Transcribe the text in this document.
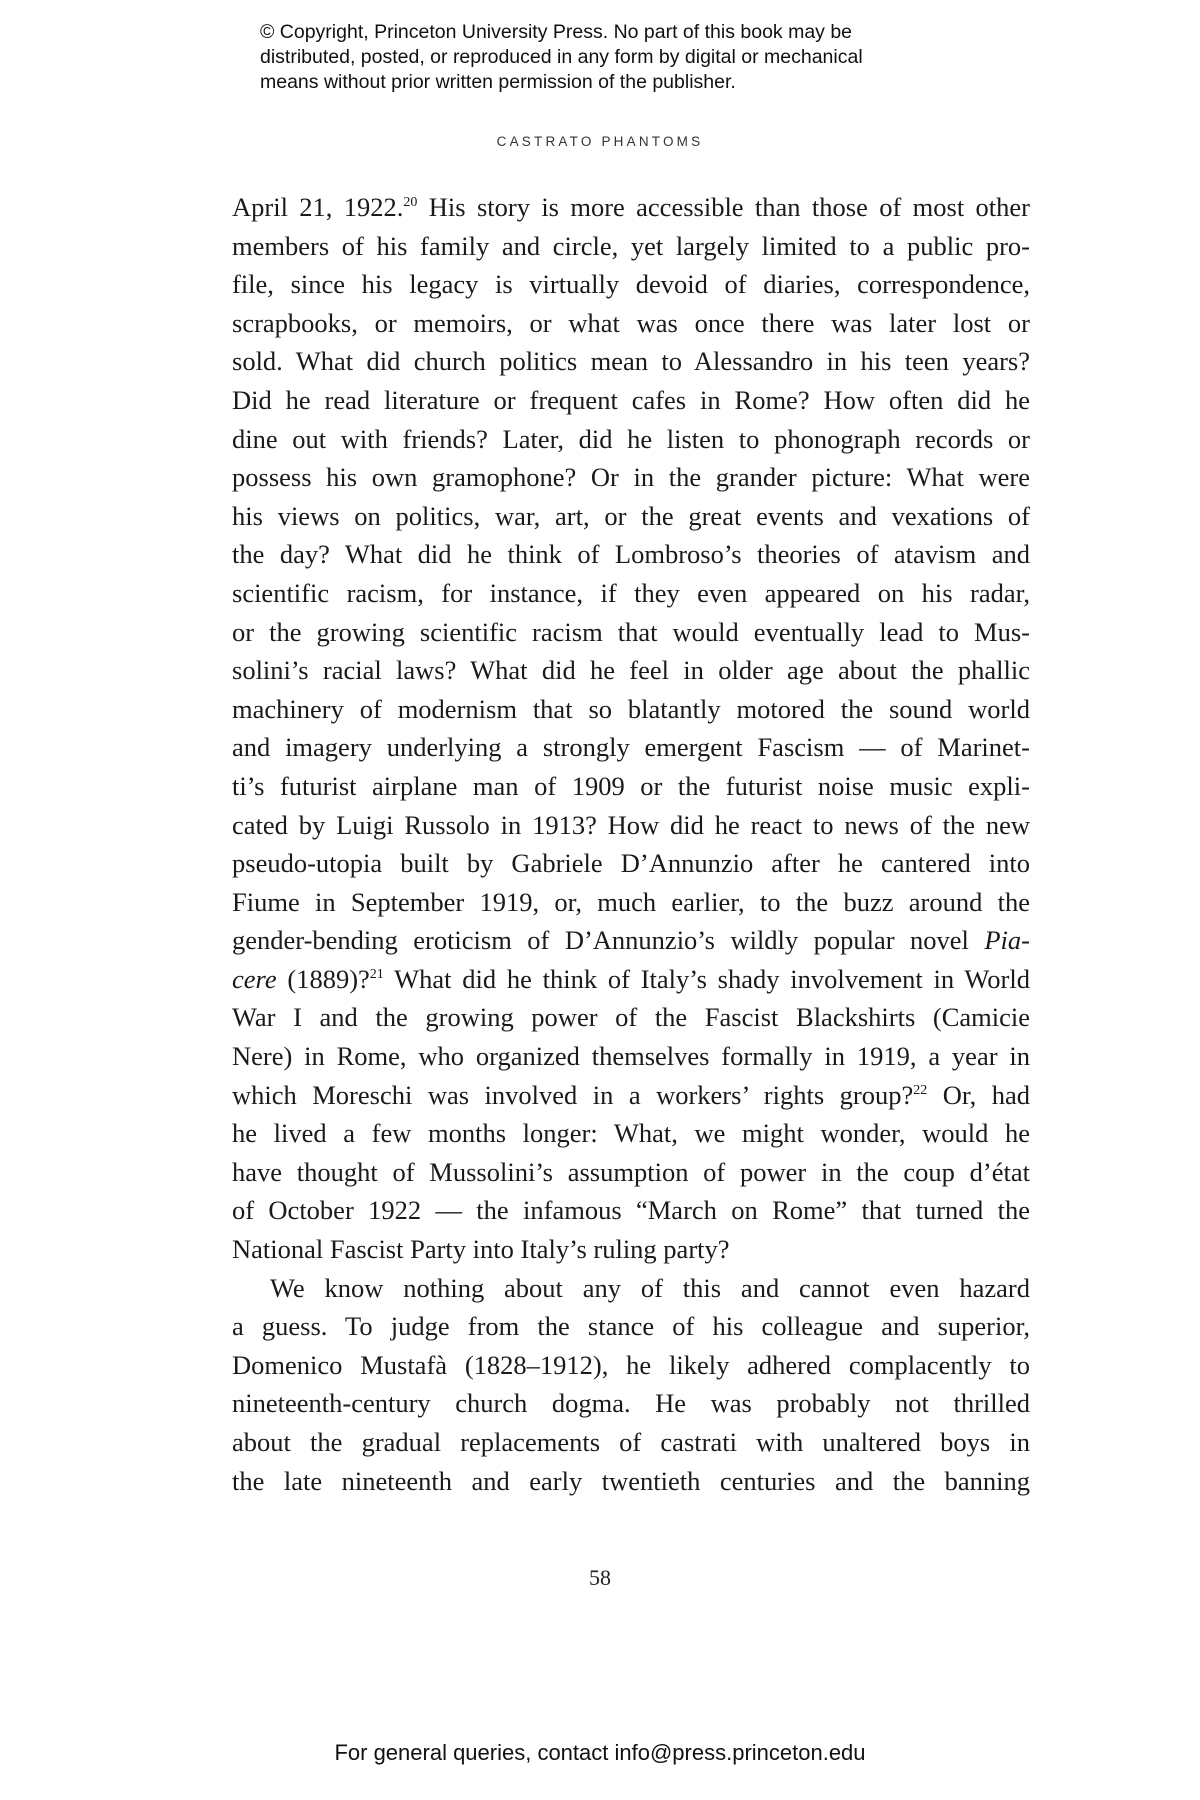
© Copyright, Princeton University Press. No part of this book may be
distributed, posted, or reproduced in any form by digital or mechanical
means without prior written permission of the publisher.
CASTRATO PHANTOMS
April 21, 1922.20 His story is more accessible than those of most other
members of his family and circle, yet largely limited to a public pro-
file, since his legacy is virtually devoid of diaries, correspondence,
scrapbooks, or memoirs, or what was once there was later lost or
sold. What did church politics mean to Alessandro in his teen years?
Did he read literature or frequent cafes in Rome? How often did he
dine out with friends? Later, did he listen to phonograph records or
possess his own gramophone? Or in the grander picture: What were
his views on politics, war, art, or the great events and vexations of
the day? What did he think of Lombroso’s theories of atavism and
scientific racism, for instance, if they even appeared on his radar,
or the growing scientific racism that would eventually lead to Mus-
solini’s racial laws? What did he feel in older age about the phallic
machinery of modernism that so blatantly motored the sound world
and imagery underlying a strongly emergent Fascism — of Marinet-
ti’s futurist airplane man of 1909 or the futurist noise music expli-
cated by Luigi Russolo in 1913? How did he react to news of the new
pseudo-utopia built by Gabriele D’Annunzio after he cantered into
Fiume in September 1919, or, much earlier, to the buzz around the
gender-bending eroticism of D’Annunzio’s wildly popular novel Pia-
cere (1889)?$^{21}$ What did he think of Italy’s shady involvement in World
War I and the growing power of the Fascist Blackshirts (Camicie
Nere) in Rome, who organized themselves formally in 1919, a year in
which Moreschi was involved in a workers’ rights group?$^{22}$ Or, had
he lived a few months longer: What, we might wonder, would he
have thought of Mussolini’s assumption of power in the coup d’état
of October 1922 — the infamous “March on Rome” that turned the
National Fascist Party into Italy’s ruling party?
We know nothing about any of this and cannot even hazard
a guess. To judge from the stance of his colleague and superior,
Domenico Mustafà (1828–1912), he likely adhered complacently to
nineteenth-century church dogma. He was probably not thrilled
about the gradual replacements of castrati with unaltered boys in
the late nineteenth and early twentieth centuries and the banning
58
For general queries, contact info@press.princeton.edu
